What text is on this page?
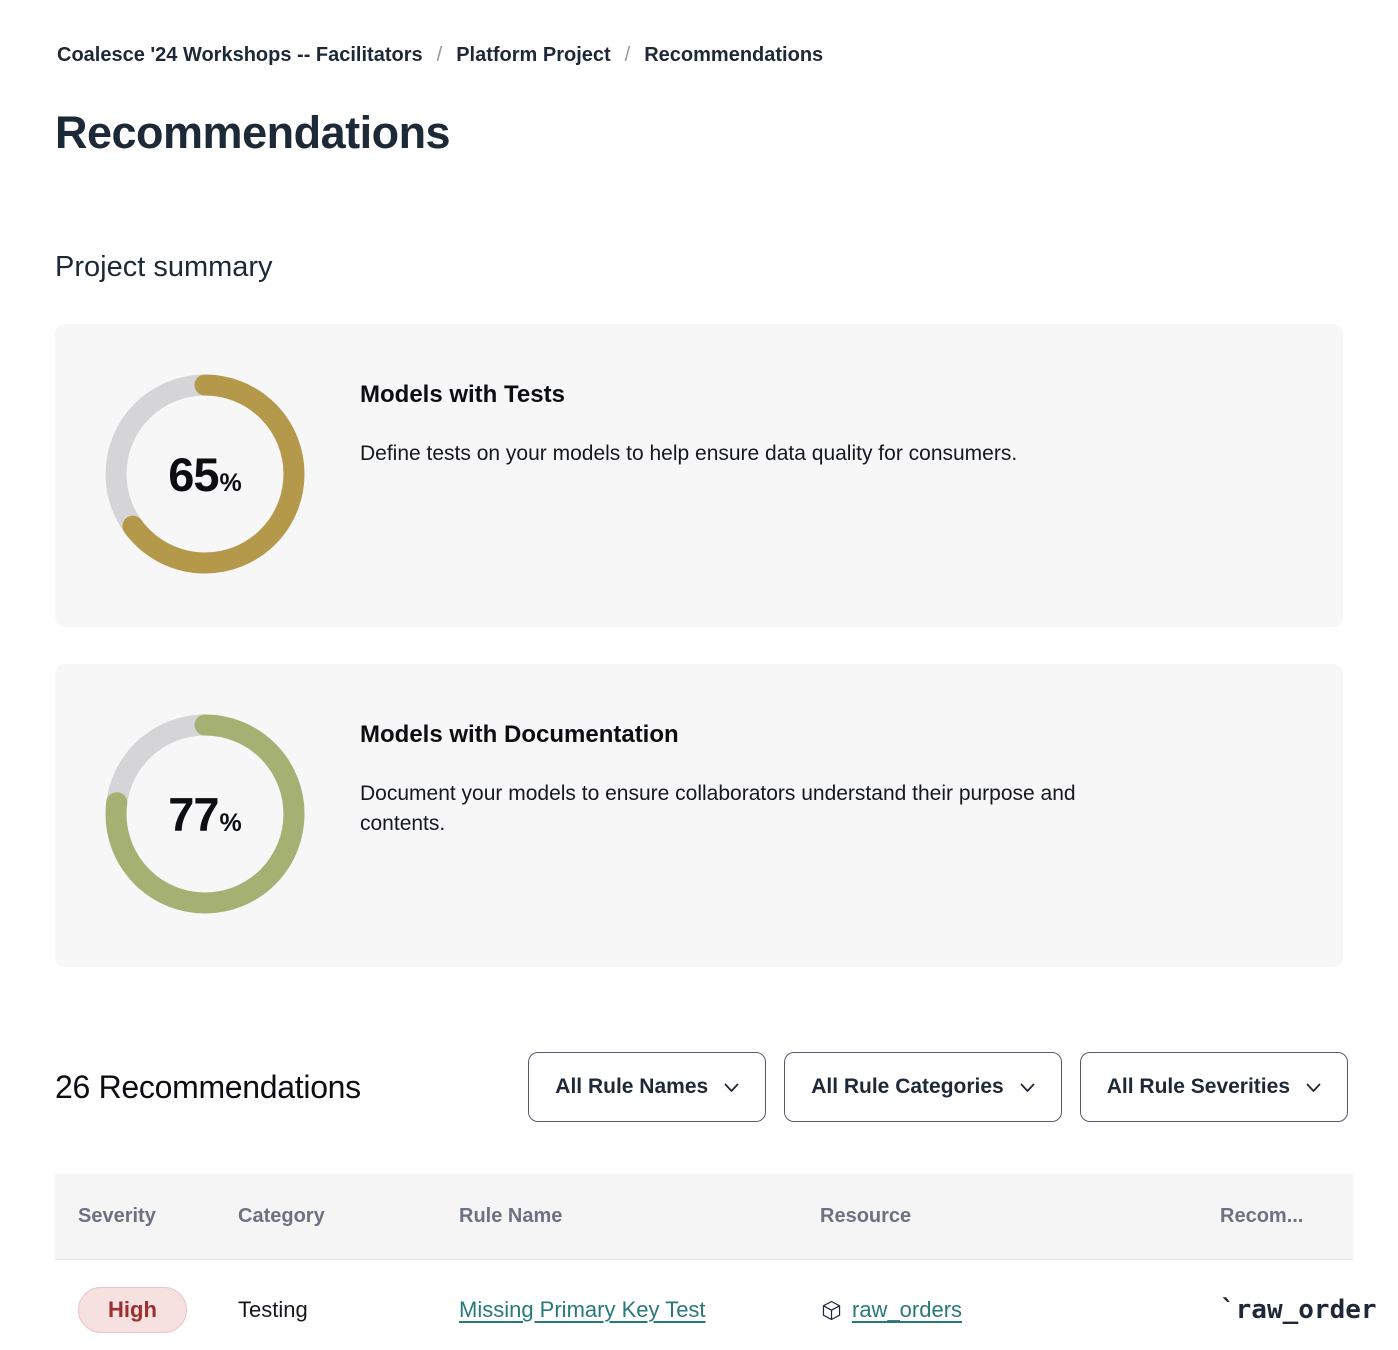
Coalesce '24 Workshops -- Facilitators / Platform Project / Recommendations
Recommendations
Project summary
65 %
Models with Tests

Define tests on your models to help ensure data quality for consumers.

77 %
Models with Documentation

Document your models to ensure collaborators understand their purpose and contents.

26 Recommendations	All Rule Names	All Rule Categories	All Rule Severities
Severity	Category	Rule Name	Resource	Recom...
High	Testing	Missing Primary Key Test	raw_orders	`raw_order
